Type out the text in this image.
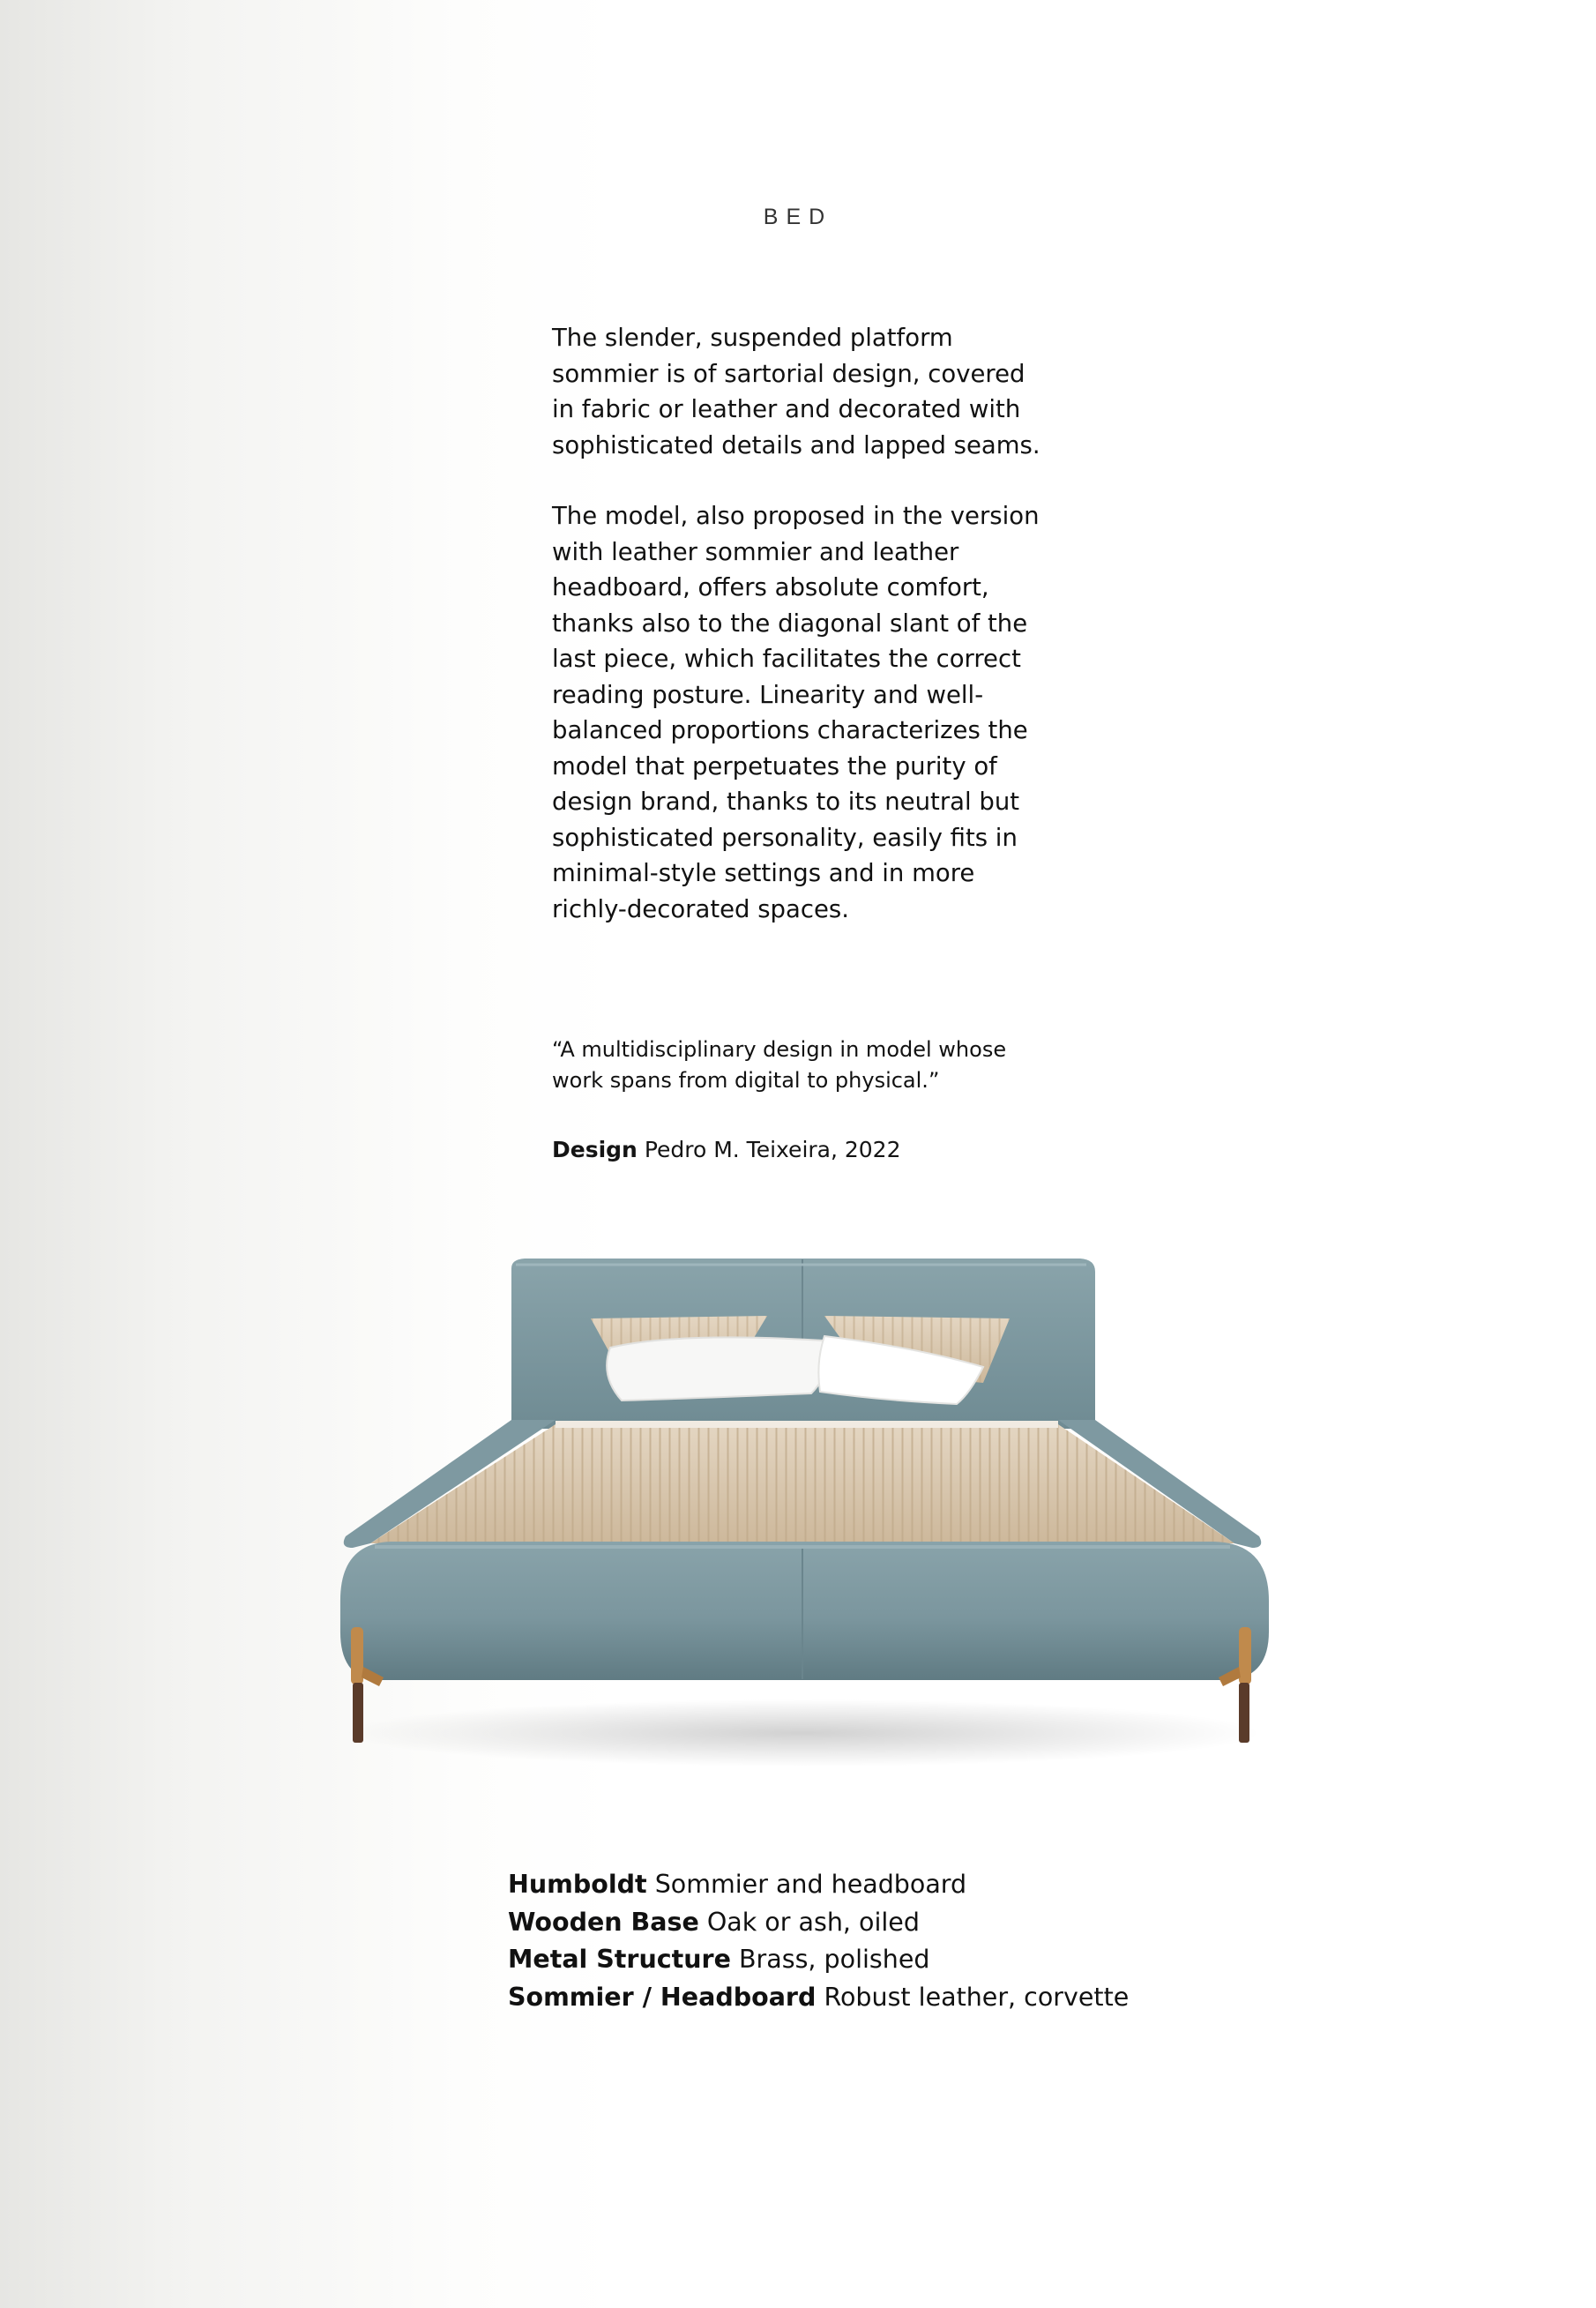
BED
The slender, suspended platform sommier is of sartorial design, covered in fabric or leather and decorated with sophisticated details and lapped seams.
The model, also proposed in the version with leather sommier and leather headboard, offers absolute comfort, thanks also to the diagonal slant of the last piece, which facilitates the correct reading posture. Linearity and well-balanced proportions characterizes the model that perpetuates the purity of design brand, thanks to its neutral but sophisticated personality, easily fits in minimal-style settings and in more richly-decorated spaces.
“A multidisciplinary design in model whose work spans from digital to physical.”
Design Pedro M. Teixeira, 2022
Humboldt Sommier and headboard
Wooden Base Oak or ash, oiled
Metal Structure Brass, polished
Sommier / Headboard Robust leather, corvette
